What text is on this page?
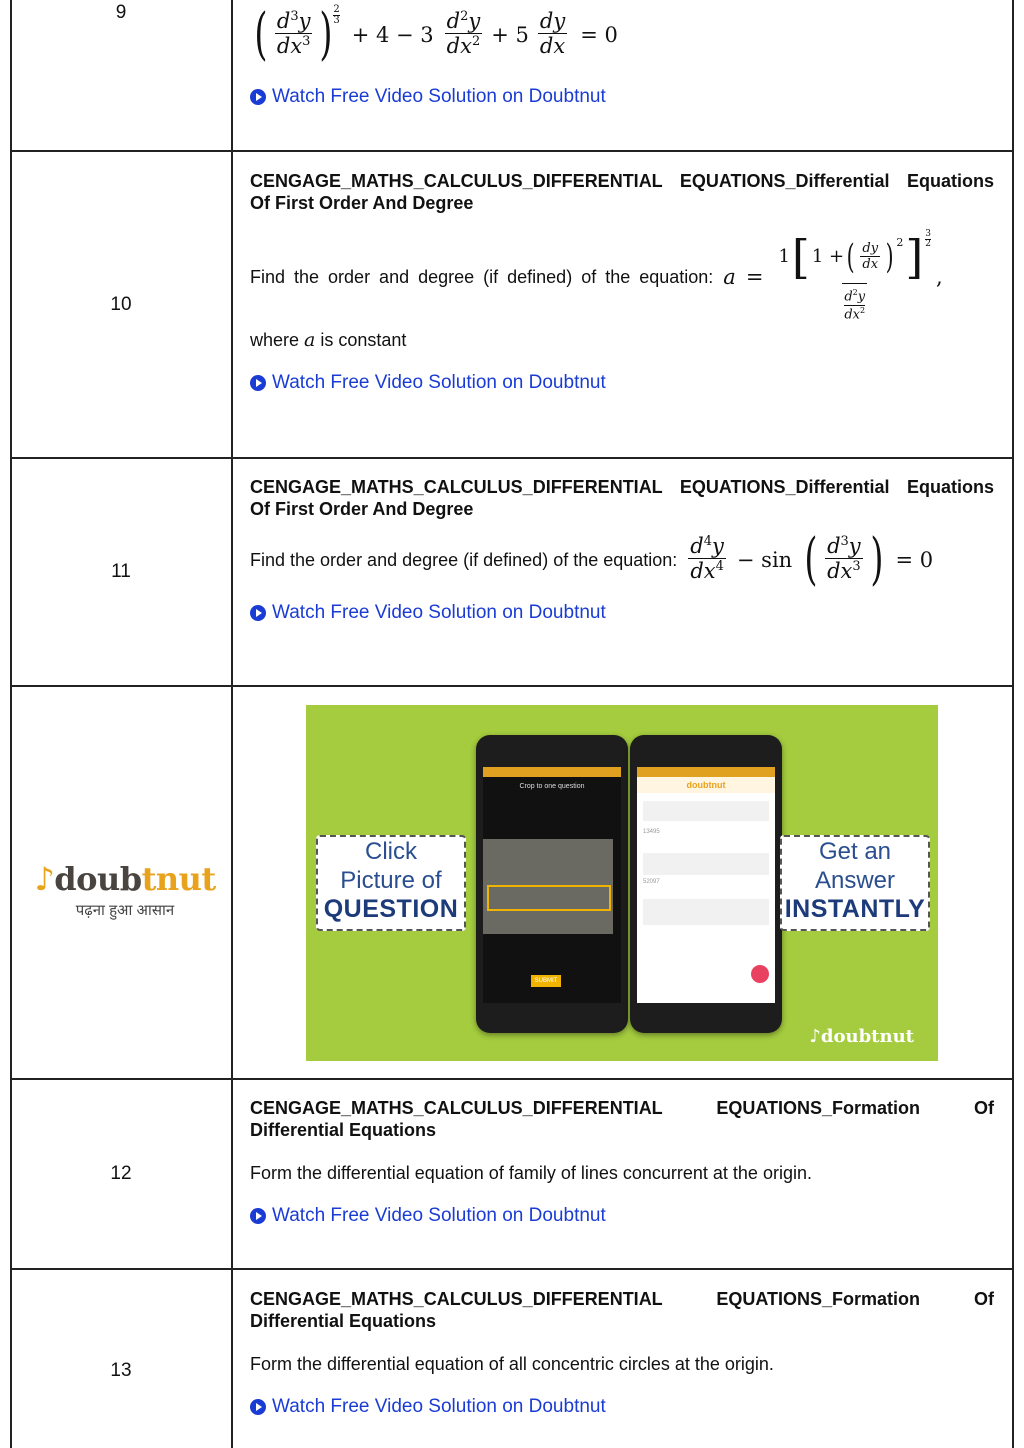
9	( $\frac{d^3y}{dx^3}$ ) $\frac{2}{3}$
+ $4 - 3 \frac{d^2y}{dx^2} + 5 \frac{dy}{dx} = 0$
Watch Free Video Solution on Doubtnut
10
CENGAGE_MATHS_CALCULUS_DIFFERENTIAL EQUATIONS_Differential Equations Of First Order And Degree
Find the order and degree (if defined) of the equation: a = 1 [ 1 + ( $\frac{dy}{dx}$ ) 2 ] 3
2
$d^2y$
$dx^2$ ,
where a is constant
Watch Free Video Solution on Doubtnut
11
CENGAGE_MATHS_CALCULUS_DIFFERENTIAL EQUATIONS_Differential Equations Of First Order And Degree
Find the order and degree (if defined) of the equation: $\frac{d^4y}{dx^4} - \sin$ ( $\frac{d^3y}{dx^3}$ ) = 0
Watch Free Video Solution on Doubtnut
♪doubtnut
पढ़ना हुआ आसान
Click
Picture of
QUESTION
Crop to one question
SUBMIT
doubtnut
13495
52097
Get an
Answer
INSTANTLY
♪doubtnut
12
CENGAGE_MATHS_CALCULUS_DIFFERENTIAL EQUATIONS_Formation Of Differential Equations
Form the differential equation of family of lines concurrent at the origin.
Watch Free Video Solution on Doubtnut
13
CENGAGE_MATHS_CALCULUS_DIFFERENTIAL EQUATIONS_Formation Of Differential Equations
Form the differential equation of all concentric circles at the origin.
Watch Free Video Solution on Doubtnut
